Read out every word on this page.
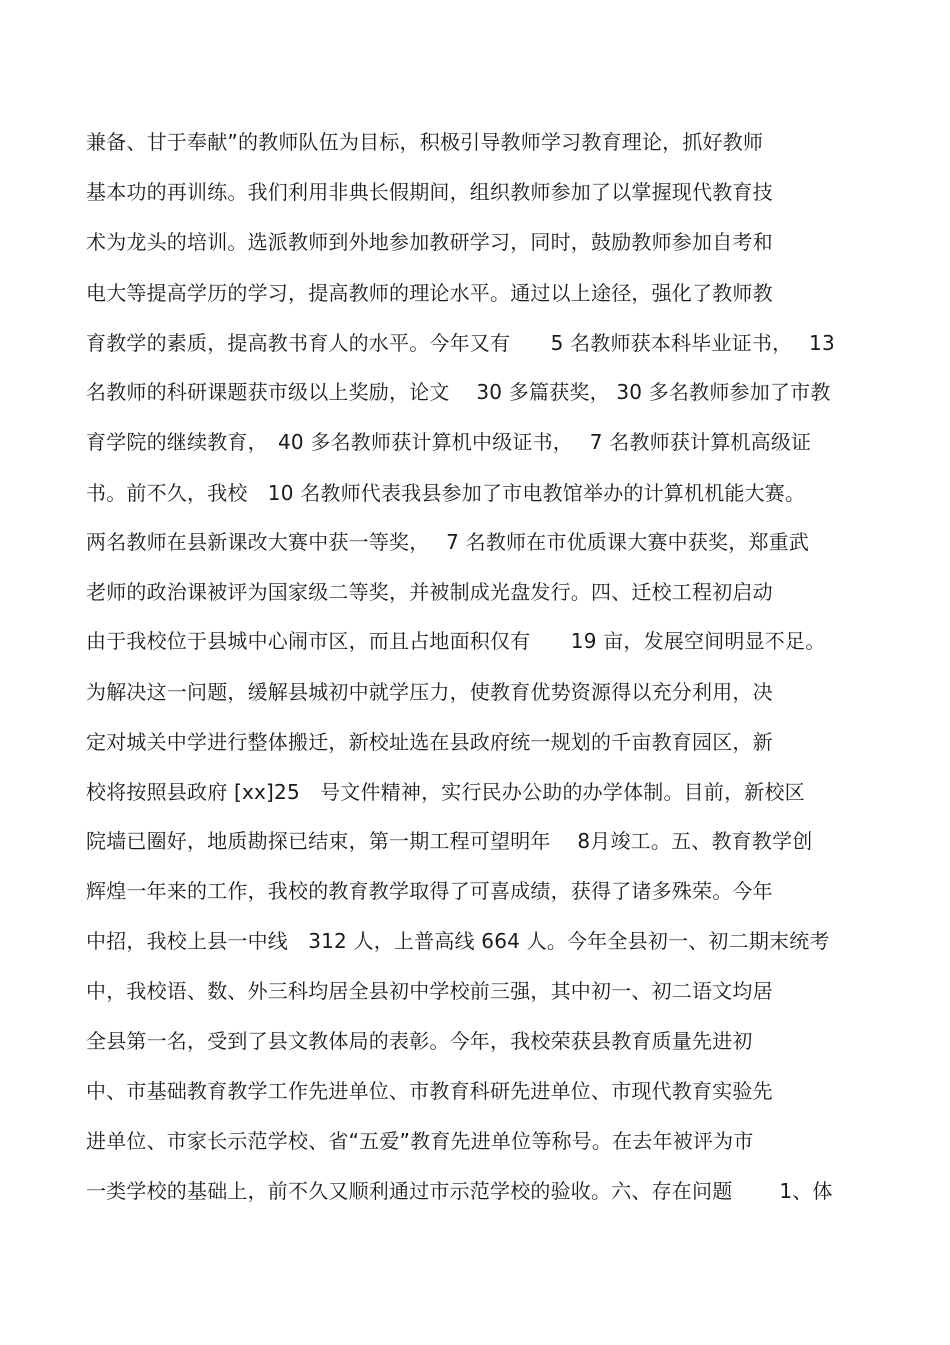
兼备、甘于奉献”的教师队伍为目标，积极引导教师学习教育理论，抓好教师
基本功的再训练。我们利用非典长假期间，组织教师参加了以掌握现代教育技
术为龙头的培训。选派教师到外地参加教研学习，同时，鼓励教师参加自考和
电大等提高学历的学习，提高教师的理论水平。通过以上途径，强化了教师教
育教学的素质，提高教书育人的水平。今年又有　　5 名教师获本科毕业证书，　 13
名教师的科研课题获市级以上奖励，论文　 30 多篇获奖， 30 多名教师参加了市教
育学院的继续教育，　40 多名教师获计算机中级证书，　 7 名教师获计算机高级证
书。前不久，我校　10 名教师代表我县参加了市电教馆举办的计算机机能大赛。
两名教师在县新课改大赛中获一等奖，　 7 名教师在市优质课大赛中获奖，郑重武
老师的政治课被评为国家级二等奖，并被制成光盘发行。四、迁校工程初启动
由于我校位于县城中心闹市区，而且占地面积仅有　　19 亩，发展空间明显不足。
为解决这一问题，缓解县城初中就学压力，使教育优势资源得以充分利用，决
定对城关中学进行整体搬迁，新校址选在县政府统一规划的千亩教育园区，新
校将按照县政府 [xx]25　号文件精神，实行民办公助的办学体制。目前，新校区
院墙已圈好，地质勘探已结束，第一期工程可望明年　 8月竣工。五、教育教学创
辉煌一年来的工作，我校的教育教学取得了可喜成绩，获得了诸多殊荣。今年
中招，我校上县一中线　312 人，上普高线 664 人。今年全县初一、初二期末统考
中，我校语、数、外三科均居全县初中学校前三强，其中初一、初二语文均居
全县第一名，受到了县文教体局的表彰。今年，我校荣获县教育质量先进初
中、市基础教育教学工作先进单位、市教育科研先进单位、市现代教育实验先
进单位、市家长示范学校、省“五爱”教育先进单位等称号。在去年被评为市
一类学校的基础上，前不久又顺利通过市示范学校的验收。六、存在问题　　 1、体
